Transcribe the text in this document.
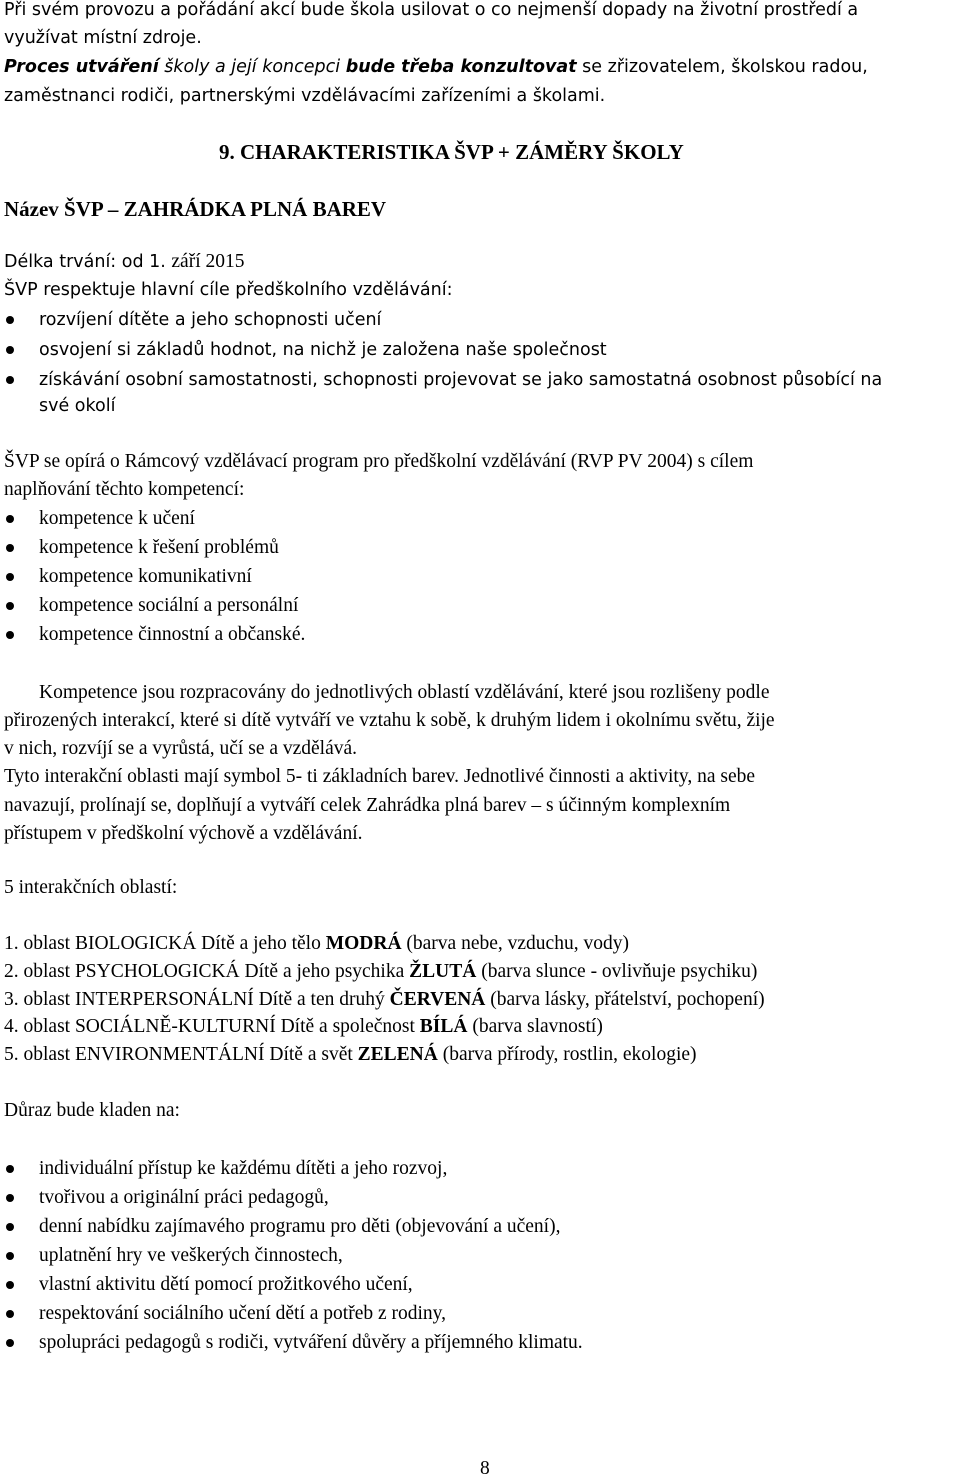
Při svém provozu a pořádání akcí bude škola usilovat o co nejmenší dopady na životní prostředí a
využívat místní zdroje.
Proces utváření školy a její koncepci bude třeba konzultovat se zřizovatelem, školskou radou,
zaměstnanci rodiči, partnerskými vzdělávacími zařízeními a školami.
9. CHARAKTERISTIKA ŠVP + ZÁMĚRY ŠKOLY
Název ŠVP – ZAHRÁDKA PLNÁ BAREV
Délka trvání: od 1. září 2015
ŠVP respektuje hlavní cíle předškolního vzdělávání:
rozvíjení dítěte a jeho schopnosti učení
osvojení si základů hodnot, na nichž je založena naše společnost
získávání osobní samostatnosti, schopnosti projevovat se jako samostatná osobnost působící na
své okolí
ŠVP se opírá o Rámcový vzdělávací program pro předškolní vzdělávání (RVP PV 2004) s cílem
naplňování těchto kompetencí:
kompetence k učení
kompetence k řešení problémů
kompetence komunikativní
kompetence sociální a personální
kompetence činnostní a občanské.
Kompetence jsou rozpracovány do jednotlivých oblastí vzdělávání, které jsou rozlišeny podle
přirozených interakcí, které si dítě vytváří ve vztahu k sobě, k druhým lidem i okolnímu světu, žije
v nich, rozvíjí se a vyrůstá, učí se a vzdělává.
Tyto interakční oblasti mají symbol 5- ti základních barev. Jednotlivé činnosti a aktivity, na sebe
navazují, prolínají se, doplňují a vytváří celek Zahrádka plná barev – s účinným komplexním
přístupem v předškolní výchově a vzdělávání.
5 interakčních oblastí:
1. oblast BIOLOGICKÁ Dítě a jeho tělo MODRÁ (barva nebe, vzduchu, vody)
2. oblast PSYCHOLOGICKÁ Dítě a jeho psychika ŽLUTÁ (barva slunce - ovlivňuje psychiku)
3. oblast INTERPERSONÁLNÍ Dítě a ten druhý ČERVENÁ (barva lásky, přátelství, pochopení)
4. oblast SOCIÁLNĚ-KULTURNÍ Dítě a společnost BÍLÁ (barva slavností)
5. oblast ENVIRONMENTÁLNÍ Dítě a svět ZELENÁ (barva přírody, rostlin, ekologie)
Důraz bude kladen na:
individuální přístup ke každému dítěti a jeho rozvoj,
tvořivou a originální práci pedagogů,
denní nabídku zajímavého programu pro děti (objevování a učení),
uplatnění hry ve veškerých činnostech,
vlastní aktivitu dětí pomocí prožitkového učení,
respektování sociálního učení dětí a potřeb z rodiny,
spolupráci pedagogů s rodiči, vytváření důvěry a příjemného klimatu.
8
